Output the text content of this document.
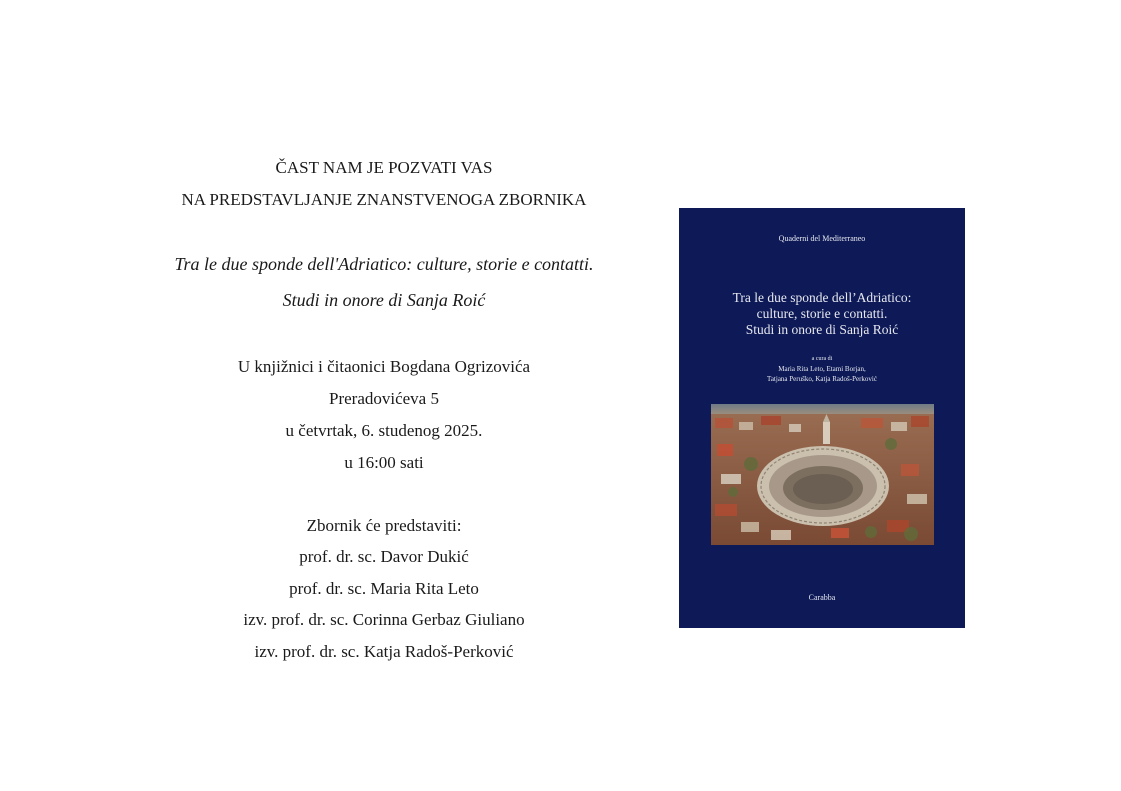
ČAST NAM JE POZVATI VAS
NA PREDSTAVLJANJE ZNANSTVENOGA ZBORNIKA
Tra le due sponde dell'Adriatico: culture, storie e contatti.
Studi in onore di Sanja Roić
U knjižnici i čitaonici Bogdana Ogrizovića
Preradovićeva 5
u četvrtak, 6. studenog 2025.
u 16:00 sati
Zbornik će predstaviti:
prof. dr. sc. Davor Dukić
prof. dr. sc. Maria Rita Leto
izv. prof. dr. sc. Corinna Gerbaz Giuliano
izv. prof. dr. sc. Katja Radoš-Perković
Quaderni del Mediterraneo
Tra le due sponde dell’Adriatico:
culture, storie e contatti.
Studi in onore di Sanja Roić
a cura di
Maria Rita Leto, Etami Borjan,
Tatjana Peruško, Katja Radoš-Perković
Carabba
